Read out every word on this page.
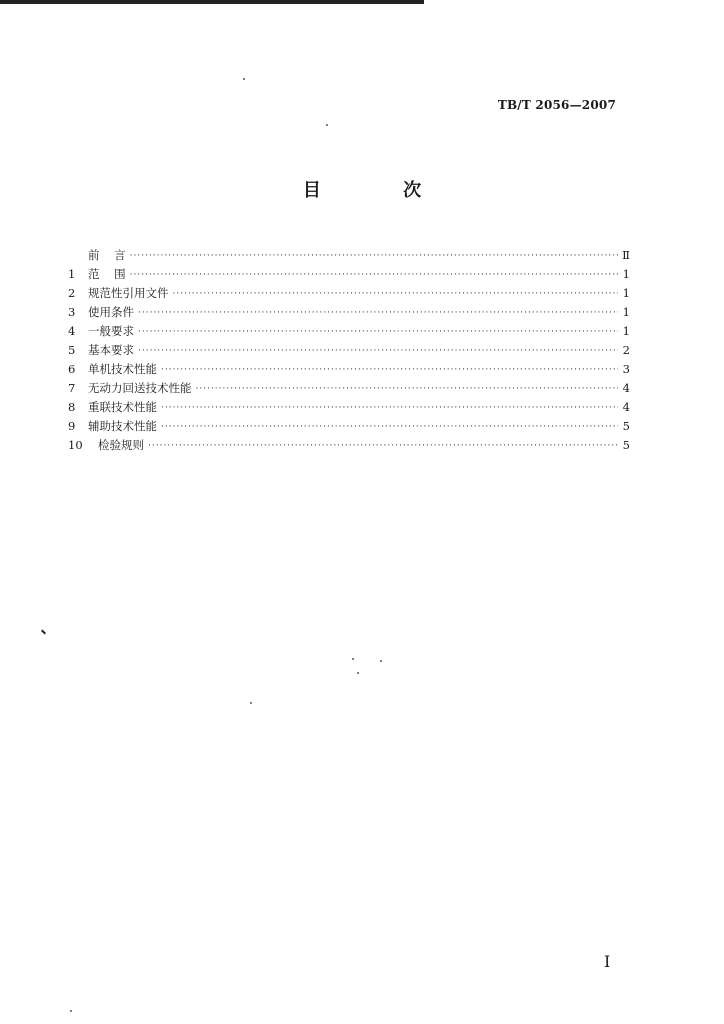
TB/T 2056—2007
目 次
前    言 ·····	Ⅱ
1	范    围 ·····	1
2	规范性引用文件 ·····	1
3	使用条件 ·····	1
4	一般要求 ·····	1
5	基本要求 ·····	2
6	单机技术性能 ·····	3
7	无动力回送技术性能 ·····	4
8	重联技术性能 ·····	4
9	辅助技术性能 ·····	5
10	检验规则 ·····	5
I
